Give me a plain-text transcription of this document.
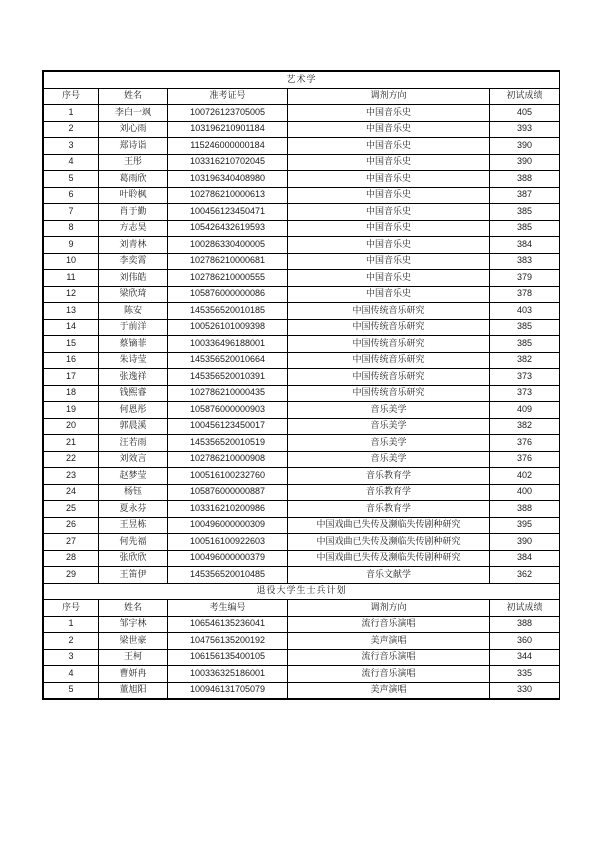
艺术学				
序号	姓名	准考证号	调剂方向	初试成绩
1	李白一飒	100726123705005	中国音乐史	405
2	刘心雨	103196210901184	中国音乐史	393
3	郑诗诣	115246000000184	中国音乐史	390
4	王彤	103316210702045	中国音乐史	390
5	葛雨欣	103196340408980	中国音乐史	388
6	叶聆枫	102786210000613	中国音乐史	387
7	肖于勤	100456123450471	中国音乐史	385
8	方志昊	105426432619593	中国音乐史	385
9	刘青林	100286330400005	中国音乐史	384
10	李奕霄	102786210000681	中国音乐史	383
11	刘伟皓	102786210000555	中国音乐史	379
12	梁欣琦	105876000000086	中国音乐史	378
13	陈安	145356520010185	中国传统音乐研究	403
14	于前洋	100526101009398	中国传统音乐研究	385
15	蔡镝菲	100336496188001	中国传统音乐研究	385
16	朱诗莹	145356520010664	中国传统音乐研究	382
17	张逸祥	145356520010391	中国传统音乐研究	373
18	钱熙睿	102786210000435	中国传统音乐研究	373
19	何恩彤	105876000000903	音乐美学	409
20	郭晨溪	100456123450017	音乐美学	382
21	汪若雨	145356520010519	音乐美学	376
22	刘效言	102786210000908	音乐美学	376
23	赵梦莹	100516100232760	音乐教育学	402
24	杨钰	105876000000887	音乐教育学	400
25	夏永芬	103316210200986	音乐教育学	388
26	王昱栋	100496000000309	中国戏曲已失传及濒临失传剧种研究	395
27	何先福	100516100922603	中国戏曲已失传及濒临失传剧种研究	390
28	张欣欣	100496000000379	中国戏曲已失传及濒临失传剧种研究	384
29	王笛伊	145356520010485	音乐文献学	362
退役大学生士兵计划				
序号	姓名	考生编号	调剂方向	初试成绩
1	邹宇林	106546135236041	流行音乐演唱	388
2	梁世豪	104756135200192	美声演唱	360
3	王柯	106156135400105	流行音乐演唱	344
4	曹妍冉	100336325186001	流行音乐演唱	335
5	董旭阳	100946131705079	美声演唱	330
